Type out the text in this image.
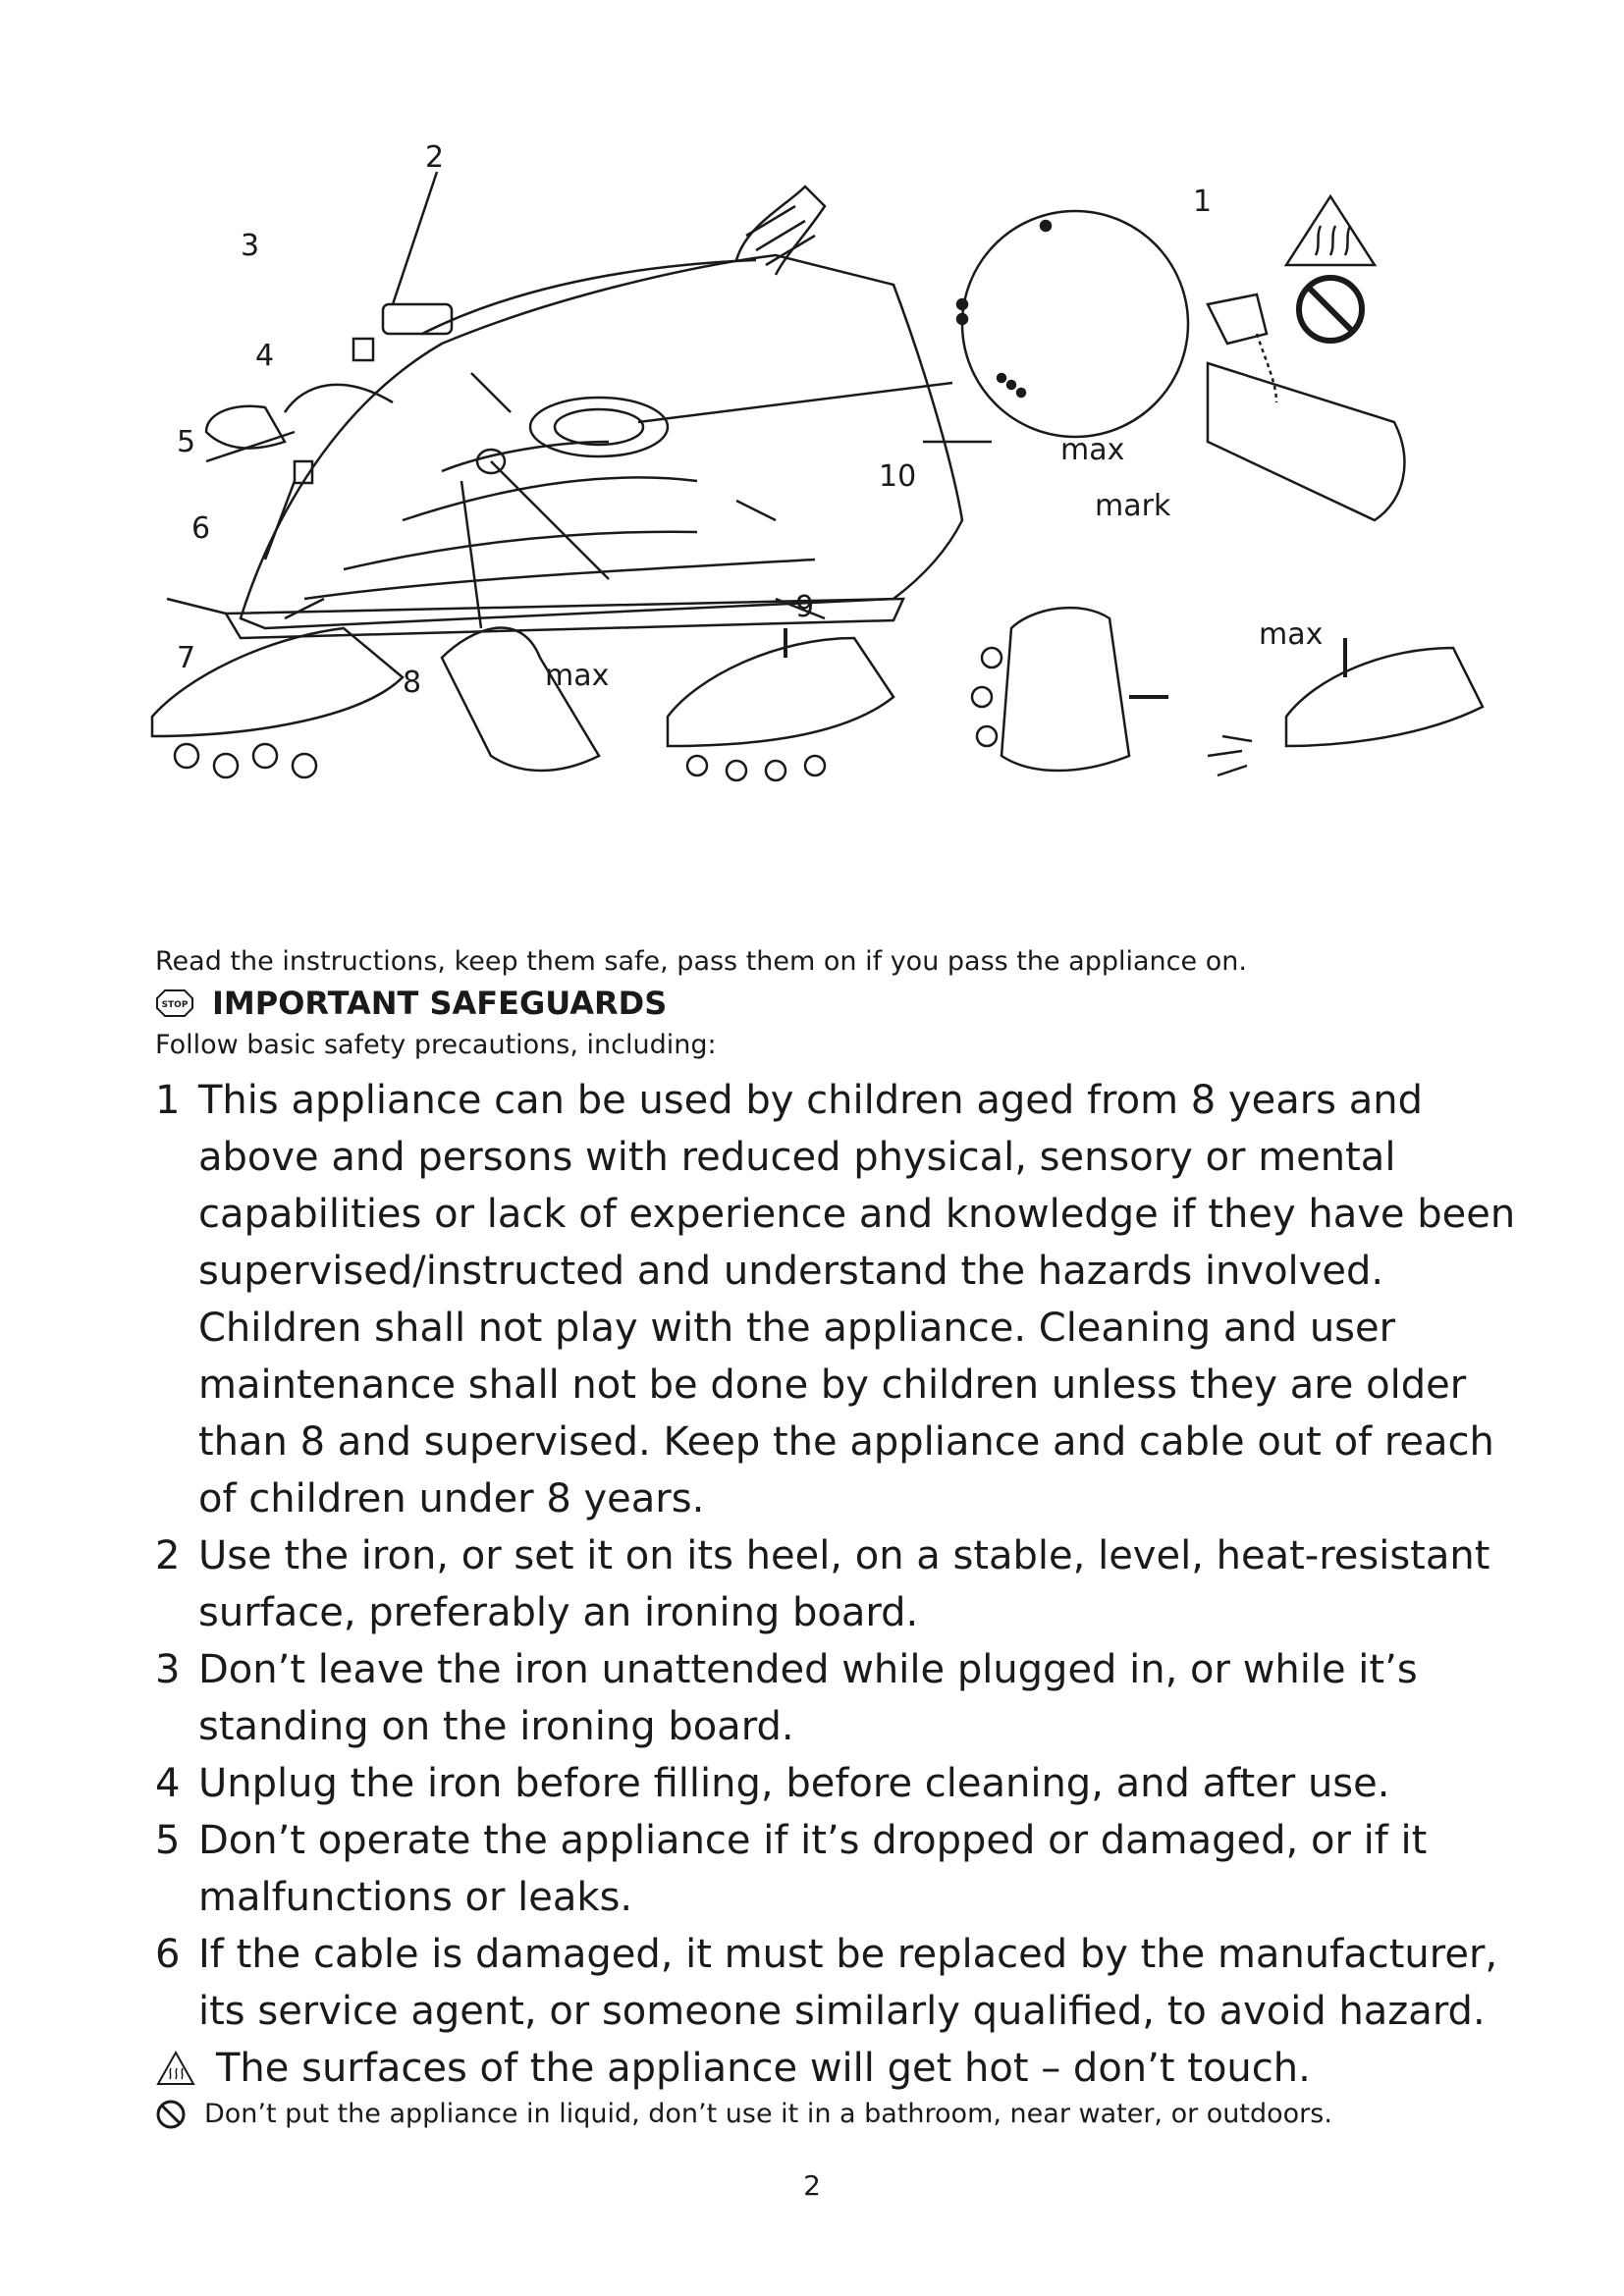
1
2
3
4
5
6
7
8
9
10
max
max
mark
max

Read the instructions, keep them safe, pass them on if you pass the appliance on.

STOP IMPORTANT SAFEGUARDS

Follow basic safety precautions, including:

1 This appliance can be used by children aged from 8 years and above and persons with reduced physical, sensory or mental capabilities or lack of experience and knowledge if they have been supervised/instructed and understand the hazards involved. Children shall not play with the appliance. Cleaning and user maintenance shall not be done by children unless they are older than 8 and supervised. Keep the appliance and cable out of reach of children under 8 years.
2 Use the iron, or set it on its heel, on a stable, level, heat-resistant surface, preferably an ironing board.
3 Don’t leave the iron unattended while plugged in, or while it’s standing on the ironing board.
4 Unplug the iron before filling, before cleaning, and after use.
5 Don’t operate the appliance if it’s dropped or damaged, or if it malfunctions or leaks.
6 If the cable is damaged, it must be replaced by the manufacturer, its service agent, or someone similarly qualified, to avoid hazard.
The surfaces of the appliance will get hot – don’t touch.
Don’t put the appliance in liquid, don’t use it in a bathroom, near water, or outdoors.
2
